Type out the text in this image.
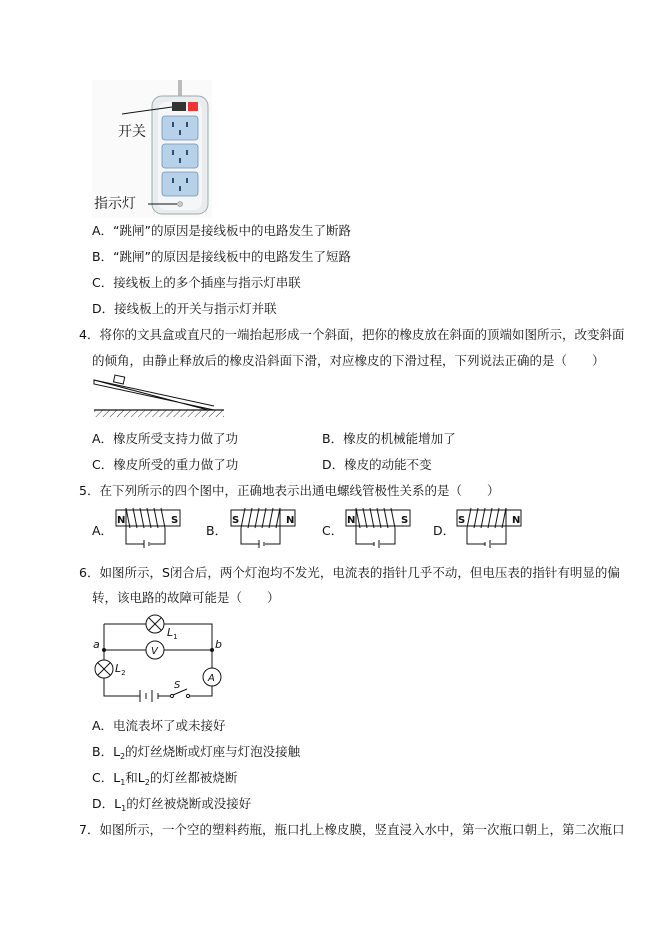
开关
指示灯
A．“跳闸”的原因是接线板中的电路发生了断路
B．“跳闸”的原因是接线板中的电路发生了短路
C．接线板上的多个插座与指示灯串联
D．接线板上的开关与指示灯并联
4．将你的文具盒或直尺的一端抬起形成一个斜面，把你的橡皮放在斜面的顶端如图所示，改变斜面
的倾角，由静止释放后的橡皮沿斜面下滑，对应橡皮的下滑过程，下列说法正确的是（　　）
A．橡皮所受支持力做了功	B．橡皮的机械能增加了
C．橡皮所受的重力做了功	D．橡皮的动能不变
5．在下列所示的四个图中，正确地表示出通电螺线管极性关系的是（　　）
A．	B．	C．	D．
N	S	S	N	N	S	S	N
6．如图所示，S闭合后，两个灯泡均不发光，电流表的指针几乎不动，但电压表的指针有明显的偏
转，该电路的故障可能是（　　）
a	b
V
A
$L_1$
$L_2$
S
A．电流表坏了或未接好
B．$L_2$的灯丝烧断或灯座与灯泡没接触
C．$L_1$和$L_2$的灯丝都被烧断
D．$L_1$的灯丝被烧断或没接好
7．如图所示，一个空的塑料药瓶，瓶口扎上橡皮膜，竖直浸入水中，第一次瓶口朝上，第二次瓶口
